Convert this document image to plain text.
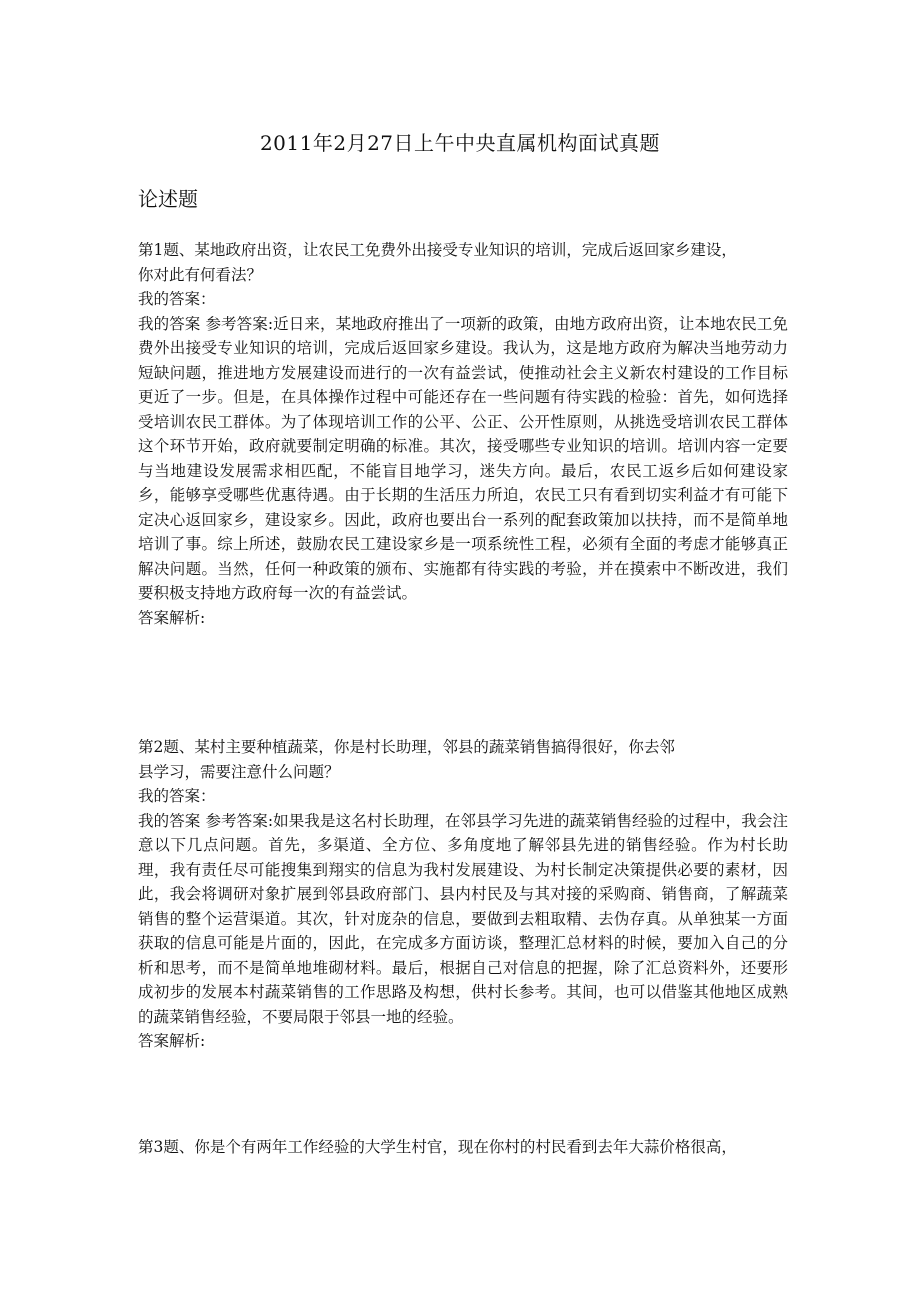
2011年2月27日上午中央直属机构面试真题
论述题
第1题、某地政府出资，让农民工免费外出接受专业知识的培训，完成后返回家乡建设，
你对此有何看法？
我的答案：

我的答案 参考答案:近日来，某地政府推出了一项新的政策，由地方政府出资，让本地农民工免费外出接受专业知识的培训，完成后返回家乡建设。我认为，这是地方政府为解决当地劳动力短缺问题，推进地方发展建设而进行的一次有益尝试，使推动社会主义新农村建设的工作目标更近了一步。但是，在具体操作过程中可能还存在一些问题有待实践的检验：首先，如何选择受培训农民工群体。为了体现培训工作的公平、公正、公开性原则，从挑选受培训农民工群体这个环节开始，政府就要制定明确的标准。其次，接受哪些专业知识的培训。培训内容一定要与当地建设发展需求相匹配，不能盲目地学习，迷失方向。最后，农民工返乡后如何建设家乡，能够享受哪些优惠待遇。由于长期的生活压力所迫，农民工只有看到切实利益才有可能下定决心返回家乡，建设家乡。因此，政府也要出台一系列的配套政策加以扶持，而不是简单地培训了事。综上所述，鼓励农民工建设家乡是一项系统性工程，必须有全面的考虑才能够真正解决问题。当然，任何一种政策的颁布、实施都有待实践的考验，并在摸索中不断改进，我们要积极支持地方政府每一次的有益尝试。

答案解析:
第2题、某村主要种植蔬菜，你是村长助理，邻县的蔬菜销售搞得很好，你去邻
县学习，需要注意什么问题？
我的答案：

我的答案 参考答案:如果我是这名村长助理，在邻县学习先进的蔬菜销售经验的过程中，我会注意以下几点问题。首先，多渠道、全方位、多角度地了解邻县先进的销售经验。作为村长助理，我有责任尽可能搜集到翔实的信息为我村发展建设、为村长制定决策提供必要的素材，因此，我会将调研对象扩展到邻县政府部门、县内村民及与其对接的采购商、销售商，了解蔬菜销售的整个运营渠道。其次，针对庞杂的信息，要做到去粗取精、去伪存真。从单独某一方面获取的信息可能是片面的，因此，在完成多方面访谈，整理汇总材料的时候，要加入自己的分析和思考，而不是简单地堆砌材料。最后，根据自己对信息的把握，除了汇总资料外，还要形成初步的发展本村蔬菜销售的工作思路及构想，供村长参考。其间，也可以借鉴其他地区成熟的蔬菜销售经验，不要局限于邻县一地的经验。

答案解析:
第3题、你是个有两年工作经验的大学生村官，现在你村的村民看到去年大蒜价格很高，
